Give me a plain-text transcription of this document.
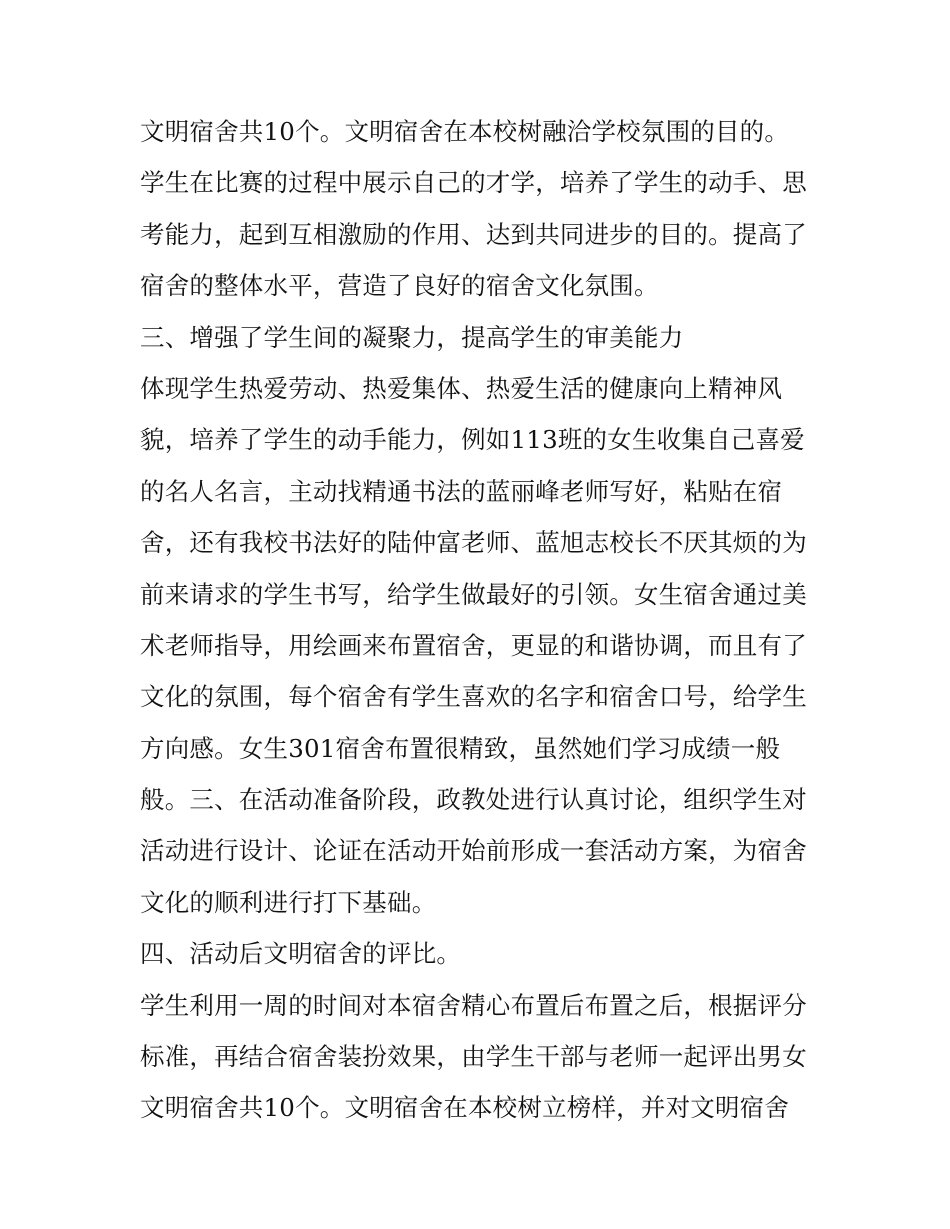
文明宿舍共10个。文明宿舍在本校树融洽学校氛围的目的。
学生在比赛的过程中展示自己的才学，培养了学生的动手、思
考能力，起到互相激励的作用、达到共同进步的目的。提高了
宿舍的整体水平，营造了良好的宿舍文化氛围。
三、增强了学生间的凝聚力，提高学生的审美能力
体现学生热爱劳动、热爱集体、热爱生活的健康向上精神风
貌，培养了学生的动手能力，例如113班的女生收集自己喜爱
的名人名言，主动找精通书法的蓝丽峰老师写好，粘贴在宿
舍，还有我校书法好的陆仲富老师、蓝旭志校长不厌其烦的为
前来请求的学生书写，给学生做最好的引领。女生宿舍通过美
术老师指导，用绘画来布置宿舍，更显的和谐协调，而且有了
文化的氛围，每个宿舍有学生喜欢的名字和宿舍口号，给学生
方向感。女生301宿舍布置很精致，虽然她们学习成绩一般
般。三、在活动准备阶段，政教处进行认真讨论，组织学生对
活动进行设计、论证在活动开始前形成一套活动方案，为宿舍
文化的顺利进行打下基础。
四、活动后文明宿舍的评比。
学生利用一周的时间对本宿舍精心布置后布置之后，根据评分
标准，再结合宿舍装扮效果，由学生干部与老师一起评出男女
文明宿舍共10个。文明宿舍在本校树立榜样，并对文明宿舍
